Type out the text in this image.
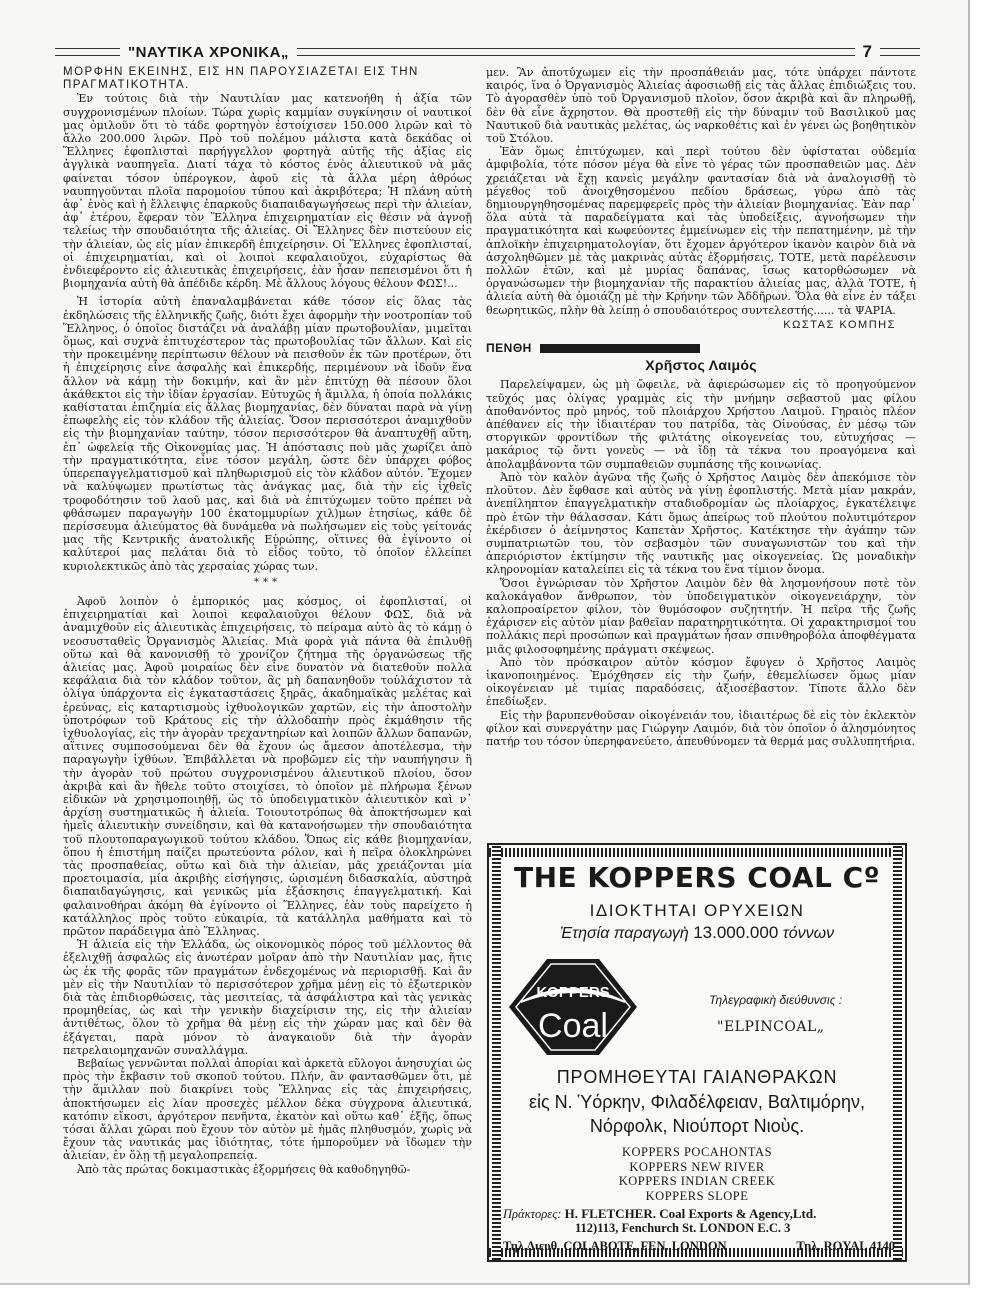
"ΝΑΥΤΙΚΑ ΧΡΟΝΙΚΑ„	7

ΜΟΡΦΗΝ ΕΚΕΙΝΗΣ, ΕΙΣ ΗΝ ΠΑΡΟΥΣΙΑΖΕΤΑΙ ΕΙΣ ΤΗΝ ΠΡΑΓΜΑΤΙΚΟΤΗΤΑ.

Ἐν τούτοις διὰ τὴν Ναυτιλίαν μας κατενοήθη ἡ ἀξία τῶν συγχρονισμένων πλοίων. Τώρα χωρὶς καμμίαν συγκίνησιν οἱ ναυτικοί μας ὁμιλοῦν ὅτι τὸ τάδε φορτηγὸν ἐστοίχισεν 150.000 λιρῶν καὶ τὸ ἄλλο 200.000 λιρῶν. Πρὸ τοῦ πολέμου μάλιστα κατὰ δεκάδας οἱ Ἕλληνες ἐφοπλισταὶ παρήγγελλον φορτηγὰ αὐτῆς τῆς ἀξίας εἰς ἀγγλικὰ ναυπηγεῖα. Διατί τάχα τὸ κόστος ἑνὸς ἁλιευτικοῦ νὰ μᾶς φαίνεται τόσον ὑπέρογκον, ἀφοῦ εἰς τὰ ἄλλα μέρη ἀθρόως ναυπηγοῦνται πλοῖα παρομοίου τύπου καὶ ἀκριβότερα; Ἡ πλάνη αὐτὴ ἀφ᾽ ἑνὸς καὶ ἡ ἔλλειψις ἐπαρκοῦς διαπαιδαγωγήσεως περὶ τὴν ἁλιείαν, ἀφ᾽ ἑτέρου, ἔφεραν τὸν Ἕλληνα ἐπιχειρηματίαν εἰς θέσιν νὰ ἀγνοῇ τελείως τὴν σπουδαιότητα τῆς ἁλιείας. Οἱ Ἕλληνες δὲν πιστεύουν εἰς τὴν ἁλιείαν, ὡς εἰς μίαν ἐπικερδῆ ἐπιχείρησιν. Οἱ Ἕλληνες ἐφοπλισταί, οἱ ἐπιχειρηματίαι, καὶ οἱ λοιποὶ κεφαλαιοῦχοι, εὐχαρίστως θὰ ἐνδιεφέροντο εἰς ἁλιευτικὰς ἐπιχειρήσεις, ἐὰν ἦσαν πεπεισμένοι ὅτι ἡ βιομηχανία αὐτὴ θὰ ἀπέδιδε κέρδη. Μὲ ἄλλους λόγους θέλουν ΦΩΣ!...

Ἡ ἱστορία αὐτὴ ἐπαναλαμβάνεται κάθε τόσον εἰς ὅλας τὰς ἐκδηλώσεις τῆς ἑλληνικῆς ζωῆς, διότι ἔχει ἀφορμὴν τὴν νοοτροπίαν τοῦ Ἕλληνος, ὁ ὁποῖος διστάζει νὰ ἀναλάβῃ μίαν πρωτοβουλίαν, μιμεῖται ὅμως, καὶ συχνὰ ἐπιτυχέστερον τὰς πρωτοβουλίας τῶν ἄλλων. Καὶ εἰς τὴν προκειμένην περίπτωσιν θέλουν νὰ πεισθοῦν ἐκ τῶν προτέρων, ὅτι ἡ ἐπιχείρησις εἶνε ἀσφαλὴς καὶ ἐπικερδής, περιμένουν νὰ ἰδοῦν ἕνα ἄλλον νὰ κάμῃ τὴν δοκιμήν, καὶ ἂν μὲν ἐπιτύχῃ θὰ πέσουν ὅλοι ἀκάθεκτοι εἰς τὴν ἰδίαν ἐργασίαν. Εὐτυχῶς ἡ ἅμιλλα, ἡ ὁποία πολλάκις καθίσταται ἐπιζημία εἰς ἄλλας βιομηχανίας, δὲν δύναται παρὰ νὰ γίνῃ ἐπωφελὴς εἰς τὸν κλάδον τῆς ἁλιείας. Ὅσον περισσότεροι ἀναμιχθοῦν εἰς τὴν βιομηχανίαν ταύτην, τόσον περισσότερον θὰ ἀναπτυχθῇ αὕτη, ἐπ᾽ ὠφελείᾳ τῆς Οἰκονομίας μας. Ἡ ἀπόστασις ποὺ μᾶς χωρίζει ἀπὸ τὴν πραγματικότητα, εἶνε τόσον μεγάλη, ὥστε δὲν ὑπάρχει φόβος ὑπερεπαγγελματισμοῦ καὶ πληθωρισμοῦ εἰς τὸν κλάδον αὐτόν. Ἔχομεν νὰ καλύψωμεν πρωτίστως τὰς ἀνάγκας μας, διὰ τὴν εἰς ἰχθεῖς τροφοδότησιν τοῦ λαοῦ μας, καὶ διὰ νὰ ἐπιτύχωμεν τοῦτο πρέπει νὰ φθάσωμεν παραγωγὴν 100 ἑκατομμυρίων χιλ)μων ἐτησίως, κάθε δὲ περίσσευμα ἁλιεύματος θὰ δυνάμεθα νὰ πωλήσωμεν εἰς τοὺς γείτονάς μας τῆς Κεντρικῆς ἀνατολικῆς Εὐρώπης, οἵτινες θὰ ἐγίνοντο οἱ καλύτεροί μας πελάται διὰ τὸ εἶδος τοῦτο, τὸ ὁποῖον ἐλλείπει κυριολεκτικῶς ἀπὸ τὰς χερσαίας χώρας των.

***

Ἀφοῦ λοιπὸν ὁ ἐμπορικός μας κόσμος, οἱ ἐφοπλισταί, οἱ ἐπιχειρηματίαι καὶ λοιποὶ κεφαλαιοῦχοι θέλουν ΦΩΣ, διὰ νὰ ἀναμιχθοῦν εἰς ἁλιευτικὰς ἐπιχειρήσεις, τὸ πείραμα αὐτὸ ἂς τὸ κάμῃ ὁ νεοσυσταθεὶς Ὀργανισμὸς Ἁλιείας. Μιὰ φορὰ γιὰ πάντα θὰ ἐπιλυθῇ οὕτω καὶ θὰ κανονισθῇ τὸ χρονίζον ζήτημα τῆς ὀργανώσεως τῆς ἁλιείας μας. Ἀφοῦ μοιραίως δὲν εἶνε δυνατὸν νὰ διατεθοῦν πολλὰ κεφάλαια διὰ τὸν κλάδον τοῦτον, ἂς μὴ δαπανηθοῦν τοὐλάχιστον τὰ ὀλίγα ὑπάρχοντα εἰς ἐγκαταστάσεις ξηρᾶς, ἀκαδημαϊκὰς μελέτας καὶ ἐρεύνας, εἰς καταρτισμοὺς ἰχθυολογικῶν χαρτῶν, εἰς τὴν ἀποστολὴν ὑποτρόφων τοῦ Κράτους εἰς τὴν ἀλλοδαπὴν πρὸς ἐκμάθησιν τῆς ἰχθυολογίας, εἰς τὴν ἀγορὰν τρεχαντηρίων καὶ λοιπῶν ἄλλων δαπανῶν, αἵτινες συμποσούμεναι δὲν θὰ ἔχουν ὡς ἄμεσον ἀποτέλεσμα, τὴν παραγωγὴν ἰχθύων. Ἐπιβάλλεται νὰ προβῶμεν εἰς τὴν ναυπήγησιν ἢ τὴν ἀγορὰν τοῦ πρώτου συγχρονισμένου ἁλιευτικοῦ πλοίου, ὅσον ἀκριβὰ καὶ ἂν ἤθελε τοῦτο στοιχίσει, τὸ ὁποῖον μὲ πλήρωμα ξένων εἰδικῶν νὰ χρησιμοποιηθῇ, ὡς τὸ ὑποδειγματικὸν ἁλιευτικὸν καὶ ν᾽ ἀρχίσῃ συστηματικῶς ἡ ἁλιεία. Τοιουτοτρόπως θὰ ἀποκτήσωμεν καὶ ἡμεῖς ἁλιευτικὴν συνείδησιν, καὶ θὰ κατανοήσωμεν τὴν σπουδαιότητα τοῦ πλουτοπαραγωγικοῦ τούτου κλάδου. Ὅπως εἰς κάθε βιομηχανίαν, ὅπου ἡ ἐπιστήμη παίζει πρωτεύοντα ρόλον, καὶ ἡ πεῖρα ὁλοκληρώνει τὰς προσπαθείας, οὕτω καὶ διὰ τὴν ἁλιείαν, μᾶς χρειάζονται μία προετοιμασία, μία ἀκριβὴς εἰσήγησις, ὡρισμένη διδασκαλία, αὐστηρὰ διαπαιδαγώγησις, καὶ γενικῶς μία ἐξάσκησις ἐπαγγελματική. Καὶ φαλαινοθήραι ἀκόμη θὰ ἐγίνοντο οἱ Ἕλληνες, ἐὰν τοὺς παρείχετο ἡ κατάλληλος πρὸς τοῦτο εὐκαιρία, τὰ κατάλληλα μαθήματα καὶ τὸ πρῶτον παράδειγμα ἀπὸ Ἕλληνας.

Ἡ ἁλιεία εἰς τὴν Ἑλλάδα, ὡς οἰκονομικὸς πόρος τοῦ μέλλοντος θὰ ἐξελιχθῇ ἀσφαλῶς εἰς ἀνωτέραν μοῖραν ἀπὸ τὴν Ναυτιλίαν μας, ἥτις ὡς ἐκ τῆς φορᾶς τῶν πραγμάτων ἐνδεχομένως νὰ περιορισθῇ. Καὶ ἂν μὲν εἰς τὴν Ναυτιλίαν τὸ περισσότερον χρῆμα μένῃ εἰς τὸ ἐξωτερικὸν διὰ τὰς ἐπιδιορθώσεις, τὰς μεσιτείας, τὰ ἀσφάλιστρα καὶ τὰς γενικὰς προμηθείας, ὡς καὶ τὴν γενικὴν διαχείρισιν της, εἰς τὴν ἁλιείαν ἀντιθέτως, ὅλον τὸ χρῆμα θὰ μένῃ εἰς τὴν χώραν μας καὶ δὲν θὰ ἐξάγεται, παρὰ μόνον τὸ ἀναγκαιοῦν διὰ τὴν ἀγορὰν πετρελαιομηχανῶν συναλλάγμα.

Βεβαίως γεννῶνται πολλαὶ ἀπορίαι καὶ ἀρκετὰ εὔλογοι ἀνησυχίαι ὡς πρὸς τὴν ἔκβασιν τοῦ σκοποῦ τούτου. Πλήν, ἂν φαντασθῶμεν ὅτι, μὲ τὴν ἅμιλλαν ποὺ διακρίνει τοὺς Ἕλληνας εἰς τὰς ἐπιχειρήσεις, ἀποκτήσωμεν εἰς λίαν προσεχὲς μέλλον δέκα σύγχρονα ἁλιευτικά, κατόπιν εἴκοσι, ἀργότερον πενῆντα, ἑκατὸν καὶ οὕτω καθ᾽ ἑξῆς, ὅπως τόσαι ἄλλαι χῶραι ποὺ ἔχουν τὸν αὐτὸν μὲ ἡμᾶς πληθυσμόν, χωρὶς νὰ ἔχουν τὰς ναυτικάς μας ἰδιότητας, τότε ἠμποροῦμεν νὰ ἴδωμεν τὴν ἁλιείαν, ἐν ὅλῃ τῇ μεγαλοπρεπείᾳ.

Ἀπὸ τὰς πρώτας δοκιμαστικὰς ἐξορμήσεις θὰ καθοδηγηθῶ-

μεν. Ἂν ἀποτύχωμεν εἰς τὴν προσπάθειάν μας, τότε ὑπάρχει πάντοτε καιρός, ἵνα ὁ Ὀργανισμὸς Ἁλιείας ἀφοσιωθῇ εἰς τὰς ἄλλας ἐπιδιώξεις του. Τὸ ἀγορασθὲν ὑπὸ τοῦ Ὀργανισμοῦ πλοῖον, ὅσον ἀκριβὰ καὶ ἂν πληρωθῇ, δὲν θὰ εἶνε ἄχρηστον. Θὰ προστεθῇ εἰς τὴν δύναμιν τοῦ Βασιλικοῦ μας Ναυτικοῦ διὰ ναυτικὰς μελέτας, ὡς ναρκοθέτις καὶ ἐν γένει ὡς βοηθητικὸν τοῦ Στόλου.

Ἐὰν ὅμως ἐπιτύχωμεν, καὶ περὶ τούτου δὲν ὑφίσταται οὐδεμία ἀμφιβολία, τότε πόσον μέγα θὰ εἶνε τὸ γέρας τῶν προσπαθειῶν μας. Δὲν χρειάζεται νὰ ἔχῃ κανεὶς μεγάλην φαντασίαν διὰ νὰ ἀναλογισθῇ τὸ μέγεθος τοῦ ἀνοιχθησομένου πεδίου δράσεως, γύρω ἀπὸ τὰς δημιουργηθησομένας παρεμφερεῖς πρὸς τὴν ἁλιείαν βιομηχανίας. Ἐὰν παρ᾽ ὅλα αὐτὰ τὰ παραδείγματα καὶ τὰς ὑποδείξεις, ἀγνοήσωμεν τὴν πραγματικότητα καὶ κωφεύοντες ἐμμείνωμεν εἰς τὴν πεπατημένην, μὲ τὴν ἁπλοϊκὴν ἐπιχειρηματολογίαν, ὅτι ἔχομεν ἀργότερον ἱκανὸν καιρὸν διὰ νὰ ἀσχοληθῶμεν μὲ τὰς μακρινὰς αὐτὰς ἐξορμήσεις, ΤΟΤΕ, μετὰ παρέλευσιν πολλῶν ἐτῶν, καὶ μὲ μυρίας δαπάνας, ἴσως κατορθώσωμεν νὰ ὀργανώσωμεν τὴν βιομηχανίαν τῆς παρακτίου ἁλιείας μας, ἀλλὰ ΤΟΤΕ, ἡ ἁλιεία αὐτὴ θὰ ὁμοιάζῃ μὲ τὴν Κρήνην τῶν Ἀδδῆρων. Ὅλα θὰ εἶνε ἐν τάξει θεωρητικῶς, πλὴν θὰ λείπῃ ὁ σπουδαιότερος συντελεστής...... τὰ ΨΑΡΙΑ.

ΚΩΣΤΑΣ ΚΟΜΠΗΣ
ΠΕΝΘΗ
Χρῆστος Λαιμός

Παρελείψαμεν, ὡς μὴ ὤφειλε, νὰ ἀφιερώσωμεν εἰς τὸ προηγούμενον τεῦχός μας ὀλίγας γραμμὰς εἰς τὴν μνήμην σεβαστοῦ μας φίλου ἀποθανόντος πρὸ μηνός, τοῦ πλοιάρχου Χρήστου Λαιμοῦ. Γηραιὸς πλέον ἀπέθανεν εἰς τὴν ἰδιαιτέραν του πατρίδα, τὰς Οἰνούσας, ἐν μέσῳ τῶν στοργικῶν φροντίδων τῆς φιλτάτης οἰκογενείας του, εὐτυχήσας — μακάριος τῷ ὄντι γονεὺς — νὰ ἴδῃ τὰ τέκνα του προαγόμενα καὶ ἀπολαμβάνοντα τῶν συμπαθειῶν συμπάσης τῆς κοινωνίας.

Ἀπὸ τὸν καλὸν ἀγῶνα τῆς ζωῆς ὁ Χρῆστος Λαιμὸς δὲν ἀπεκόμισε τὸν πλοῦτον. Δὲν ἔφθασε καὶ αὐτὸς νὰ γίνῃ ἐφοπλιστής. Μετὰ μίαν μακράν, ἀνεπίληπτον ἐπαγγελματικὴν σταδιοδρομίαν ὡς πλοίαρχος, ἐγκατέλειψε πρὸ ἐτῶν τὴν θάλασσαν. Κάτι ὅμως ἀπείρως τοῦ πλούτου πολυτιμότερον ἐκέρδισεν ὁ ἀείμνηστος Καπετὰν Χρῆστος. Κατέκτησε τὴν ἀγάπην τῶν συμπατριωτῶν του, τὸν σεβασμὸν τῶν συναγωνιστῶν του καὶ τὴν ἀπεριόριστον ἐκτίμησιν τῆς ναυτικῆς μας οἰκογενείας. Ὡς μοναδικὴν κληρονομίαν καταλείπει εἰς τὰ τέκνα του ἕνα τίμιον ὄνομα.

Ὅσοι ἐγνώρισαν τὸν Χρῆστον Λαιμὸν δὲν θὰ λησμονήσουν ποτὲ τὸν καλοκάγαθον ἄνθρωπον, τὸν ὑποδειγματικὸν οἰκογενειάρχην, τὸν καλοπροαίρετον φίλον, τὸν θυμόσοφον συζητητήν. Ἡ πεῖρα τῆς ζωῆς ἐχάρισεν εἰς αὐτὸν μίαν βαθεῖαν παρατηρητικότητα. Οἱ χαρακτηρισμοί του πολλάκις περὶ προσώπων καὶ πραγμάτων ἦσαν σπινθηροβόλα ἀποφθέγματα μιᾶς φιλοσοφημένης πράγματι σκέψεως.

Ἀπὸ τὸν πρόσκαιρον αὐτὸν κόσμον ἔφυγεν ὁ Χρῆστος Λαιμὸς ἱκανοποιημένος. Ἐμόχθησεν εἰς τὴν ζωήν, ἐθεμελίωσεν ὅμως μίαν οἰκογένειαν μὲ τιμίας παραδόσεις, ἀξιοσέβαστον. Τίποτε ἄλλο δὲν ἐπεδίωξεν.

Εἰς τὴν βαρυπενθοῦσαν οἰκογένειάν του, ἰδιαιτέρως δὲ εἰς τὸν ἐκλεκτὸν φίλον καὶ συνεργάτην μας Γιώργην Λαιμόν, διὰ τὸν ὁποῖον ὁ ἀλησμόνητος πατήρ του τόσον ὑπερηφανεύετο, ἀπευθύνομεν τὰ θερμά μας συλλυπητήρια.

THE KOPPERS COAL Cº
ΙΔΙΟΚΤΗΤΑΙ ΟΡΥΧΕΙΩΝ
Ἐτησία παραγωγὴ 13.000.000 τόννων
KOPPERS
Coal
Τηλεγραφικὴ διεύθυνσις :
"ELPINCOAL„
ΠΡΟΜΗΘΕΥΤΑΙ ΓΑΙΑΝΘΡΑΚΩΝ
εἰς Ν. Ὑόρκην, Φιλαδέλφειαν, Βαλτιμόρην,
Νόρφολκ, Νιούπορτ Νιοὺς.
KOPPERS POCAHONTAS
KOPPERS NEW RIVER
KOPPERS INDIAN CREEK
KOPPERS SLOPE
Πράκτορες: H. FLETCHER. Coal Exports & Agency,Ltd.
112)113, Fenchurch St. LONDON E.C. 3
Τηλ.Διευθ. COLABOTE, FEN. LONDON	Τηλ. ROYAL 4140
